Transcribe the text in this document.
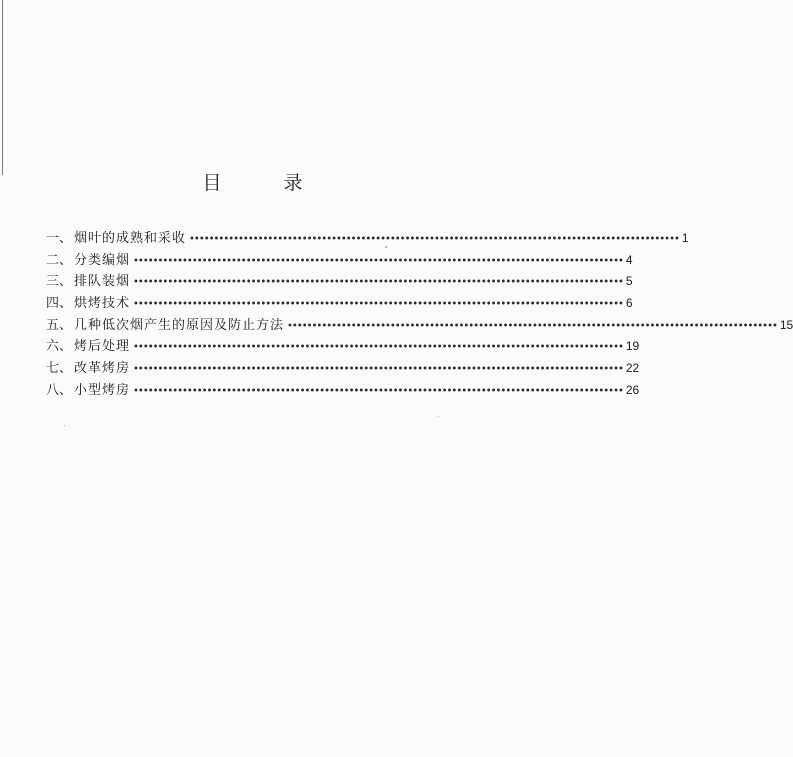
目 录
一、 烟叶的成熟和采收 •••••••••••••••••••••••••••••••••••••••••••••••••••••••••••••••••••••••••••••••••••••••••••••••••••• 1
二、 分类编烟 •••••••••••••••••••••••••••••••••••••••••••••••••••••••••••••••••••••••••••••••••••••••••••••••••••• 4
三、 排队装烟 •••••••••••••••••••••••••••••••••••••••••••••••••••••••••••••••••••••••••••••••••••••••••••••••••••• 5
四、 烘烤技术 •••••••••••••••••••••••••••••••••••••••••••••••••••••••••••••••••••••••••••••••••••••••••••••••••••• 6
五、 几种低次烟产生的原因及防止方法 •••••••••••••••••••••••••••••••••••••••••••••••••••••••••••••••••••••••••••••••••••••••••••••••••••• 15
六、 烤后处理 •••••••••••••••••••••••••••••••••••••••••••••••••••••••••••••••••••••••••••••••••••••••••••••••••••• 19
七、 改革烤房 •••••••••••••••••••••••••••••••••••••••••••••••••••••••••••••••••••••••••••••••••••••••••••••••••••• 22
八、 小型烤房 •••••••••••••••••••••••••••••••••••••••••••••••••••••••••••••••••••••••••••••••••••••••••••••••••••• 26
